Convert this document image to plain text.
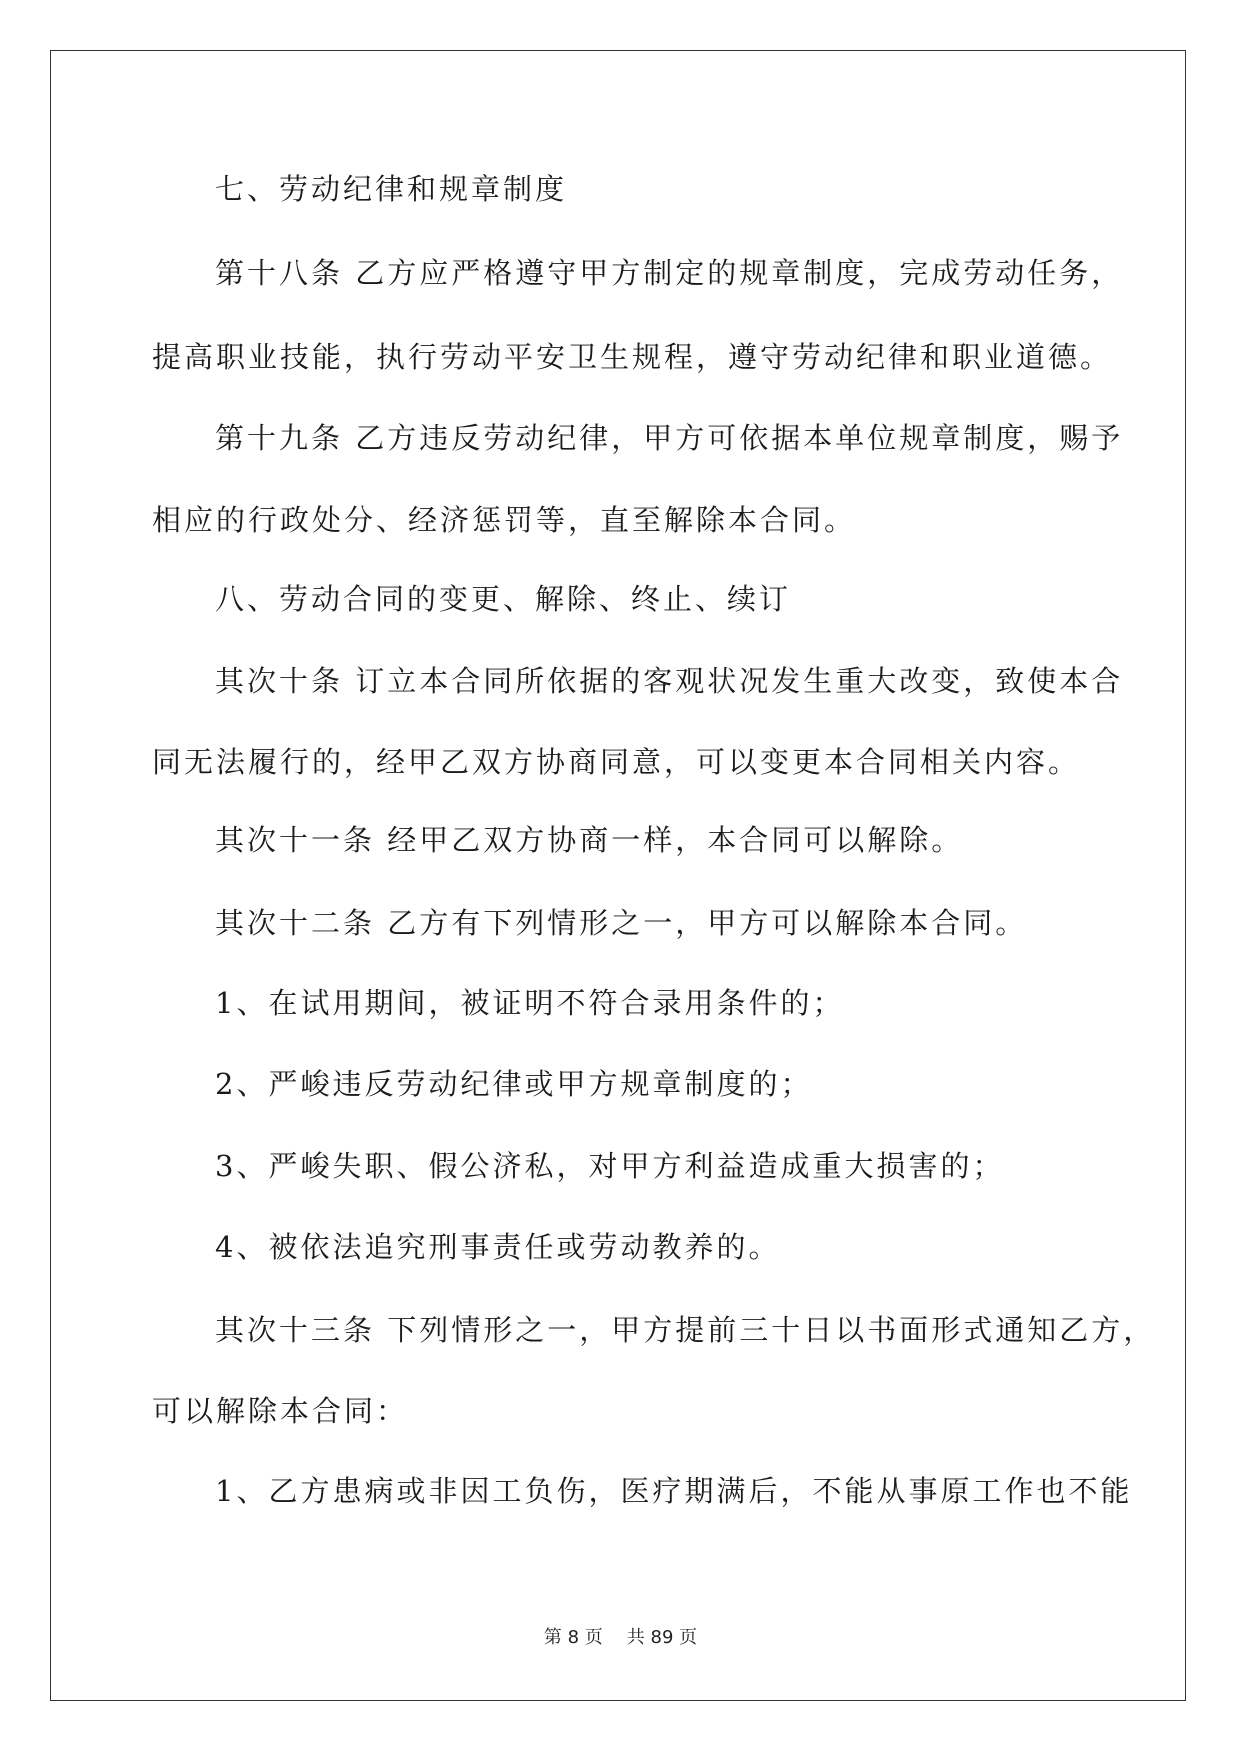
七、劳动纪律和规章制度

第十八条 乙方应严格遵守甲方制定的规章制度，完成劳动任务，

提高职业技能，执行劳动平安卫生规程，遵守劳动纪律和职业道德。

第十九条 乙方违反劳动纪律，甲方可依据本单位规章制度，赐予

相应的行政处分、经济惩罚等，直至解除本合同。

八、劳动合同的变更、解除、终止、续订

其次十条 订立本合同所依据的客观状况发生重大改变，致使本合

同无法履行的，经甲乙双方协商同意，可以变更本合同相关内容。

其次十一条 经甲乙双方协商一样，本合同可以解除。

其次十二条 乙方有下列情形之一，甲方可以解除本合同。

1、在试用期间，被证明不符合录用条件的；

2、严峻违反劳动纪律或甲方规章制度的；

3、严峻失职、假公济私，对甲方利益造成重大损害的；

4、被依法追究刑事责任或劳动教养的。

其次十三条 下列情形之一，甲方提前三十日以书面形式通知乙方，

可以解除本合同：

1、乙方患病或非因工负伤，医疗期满后，不能从事原工作也不能

第 8 页 共 89 页
